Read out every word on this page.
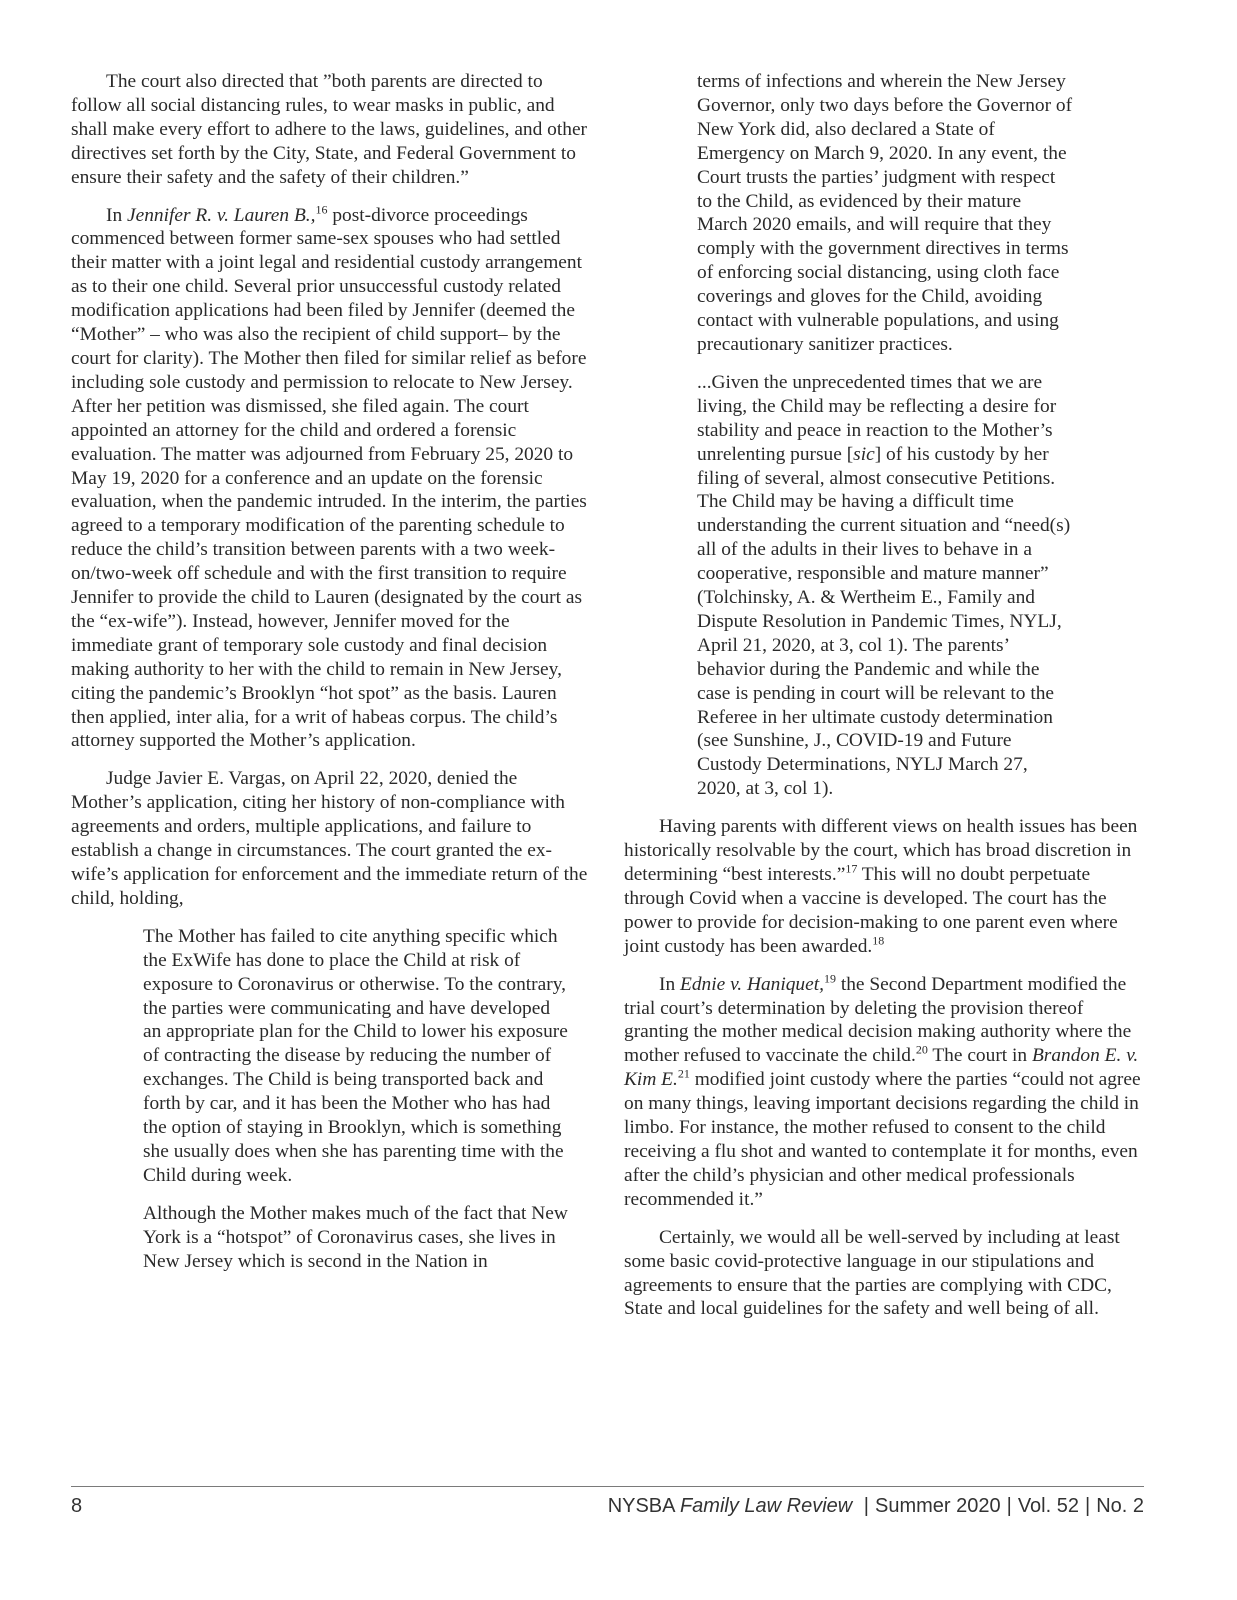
The court also directed that ”both parents are directed to follow all social distancing rules, to wear masks in public, and shall make every effort to adhere to the laws, guidelines, and other directives set forth by the City, State, and Federal Government to ensure their safety and the safety of their children.”

In Jennifer R. v. Lauren B.,$^{16}$ post-divorce proceedings commenced between former same-sex spouses who had settled their matter with a joint legal and residential custody arrangement as to their one child. Several prior unsuccessful custody related modification applications had been filed by Jennifer (deemed the “Mother” – who was also the recipient of child support– by the court for clarity). The Mother then filed for similar relief as before including sole custody and permission to relocate to New Jersey. After her petition was dismissed, she filed again. The court appointed an attorney for the child and ordered a forensic evaluation. The matter was adjourned from February 25, 2020 to May 19, 2020 for a conference and an update on the forensic evaluation, when the pandemic intruded. In the interim, the parties agreed to a temporary modification of the parenting schedule to reduce the child’s transition between parents with a two week-on/two-week off schedule and with the first transition to require Jennifer to provide the child to Lauren (designated by the court as the “ex-wife”). Instead, however, Jennifer moved for the immediate grant of temporary sole custody and final decision making authority to her with the child to remain in New Jersey, citing the pandemic’s Brooklyn “hot spot” as the basis. Lauren then applied, inter alia, for a writ of habeas corpus. The child’s attorney supported the Mother’s application.

Judge Javier E. Vargas, on April 22, 2020, denied the Mother’s application, citing her history of non-compliance with agreements and orders, multiple applications, and failure to establish a change in circumstances. The court granted the ex-wife’s application for enforcement and the immediate return of the child, holding,

The Mother has failed to cite anything specific which the ExWife has done to place the Child at risk of exposure to Coronavirus or otherwise. To the contrary, the parties were communicating and have developed an appropriate plan for the Child to lower his exposure of contracting the disease by reducing the number of exchanges. The Child is being transported back and forth by car, and it has been the Mother who has had the option of staying in Brooklyn, which is something she usually does when she has parenting time with the Child during week.

Although the Mother makes much of the fact that New York is a “hotspot” of Coronavirus cases, she lives in New Jersey which is second in the Nation in

terms of infections and wherein the New Jersey Governor, only two days before the Governor of New York did, also declared a State of Emergency on March 9, 2020. In any event, the Court trusts the parties’ judgment with respect to the Child, as evidenced by their mature March 2020 emails, and will require that they comply with the government directives in terms of enforcing social distancing, using cloth face coverings and gloves for the Child, avoiding contact with vulnerable populations, and using precautionary sanitizer practices.

...Given the unprecedented times that we are living, the Child may be reflecting a desire for stability and peace in reaction to the Mother’s unrelenting pursue [sic] of his custody by her filing of several, almost consecutive Petitions. The Child may be having a difficult time understanding the current situation and “need(s) all of the adults in their lives to behave in a cooperative, responsible and mature manner” (Tolchinsky, A. & Wertheim E., Family and Dispute Resolution in Pandemic Times, NYLJ, April 21, 2020, at 3, col 1). The parents’ behavior during the Pandemic and while the case is pending in court will be relevant to the Referee in her ultimate custody determination (see Sunshine, J., COVID-19 and Future Custody Determinations, NYLJ March 27, 2020, at 3, col 1).

Having parents with different views on health issues has been historically resolvable by the court, which has broad discretion in determining “best interests.”$^{17}$ This will no doubt perpetuate through Covid when a vaccine is developed. The court has the power to provide for decision-making to one parent even where joint custody has been awarded.$^{18}$

In Ednie v. Haniquet,$^{19}$ the Second Department modified the trial court’s determination by deleting the provision thereof granting the mother medical decision making authority where the mother refused to vaccinate the child.$^{20}$ The court in Brandon E. v. Kim E.$^{21}$ modified joint custody where the parties “could not agree on many things, leaving important decisions regarding the child in limbo. For instance, the mother refused to consent to the child receiving a flu shot and wanted to contemplate it for months, even after the child’s physician and other medical professionals recommended it.”

Certainly, we would all be well-served by including at least some basic covid-protective language in our stipulations and agreements to ensure that the parties are complying with CDC, State and local guidelines for the safety and well being of all.

8	NYSBA Family Law Review | Summer 2020 | Vol. 52 | No. 2
